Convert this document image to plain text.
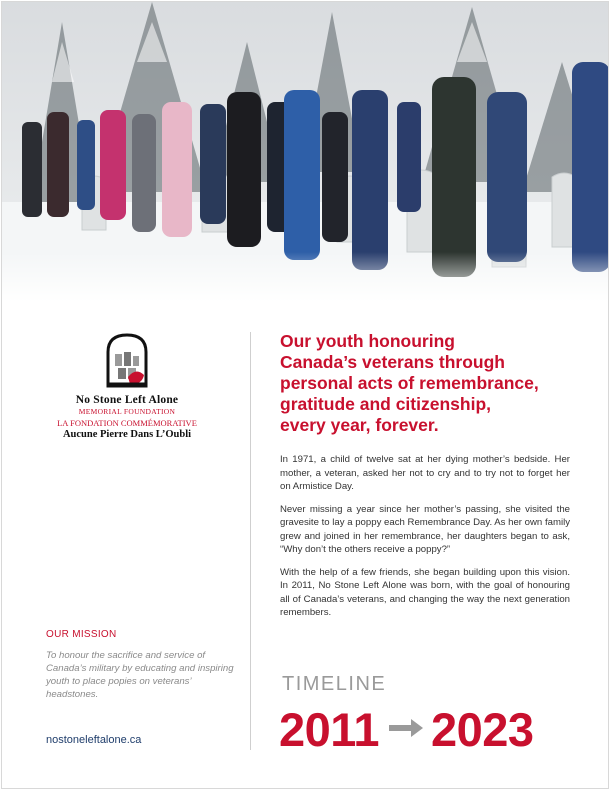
No Stone Left Alone
MEMORIAL FOUNDATION
LA FONDATION COMMÉMORATIVE
Aucune Pierre Dans L’Oubli
Our youth honouring
Canada’s veterans through
personal acts of remembrance,
gratitude and citizenship,
every year, forever.

In 1971, a child of twelve sat at her dying mother’s bedside. Her mother, a veteran, asked her not to cry and to try not to forget her on Armistice Day.

Never missing a year since her mother’s passing, she visited the gravesite to lay a poppy each Remembrance Day. As her own family grew and joined in her remembrance, her daughters began to ask, “Why don’t the others receive a poppy?”

With the help of a few friends, she began building upon this vision. In 2011, No Stone Left Alone was born, with the goal of honouring all of Canada’s veterans, and changing the way the next generation remembers.

OUR MISSION
To honour the sacrifice and service of Canada’s military by educating and inspiring youth to place popies on veterans’ headstones.
nostoneleftalone.ca
TIMELINE
2011 2023
